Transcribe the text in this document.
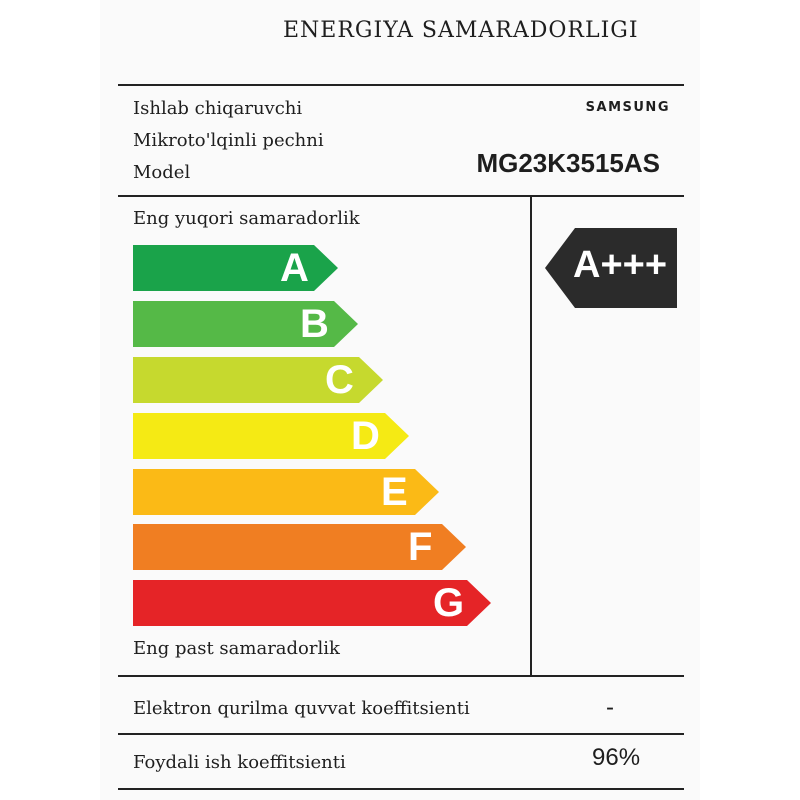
ENERGIYA SAMARADORLIGI
Ishlab chiqaruvchi	SAMSUNG
Mikroto'lqinli pechni
Model	MG23K3515AS
Eng yuqori samaradorlik
A
B
C
D
E
F
G
A+++
Eng past samaradorlik
Elektron qurilma quvvat koeffitsienti	-
Foydali ish koeffitsienti	96%
